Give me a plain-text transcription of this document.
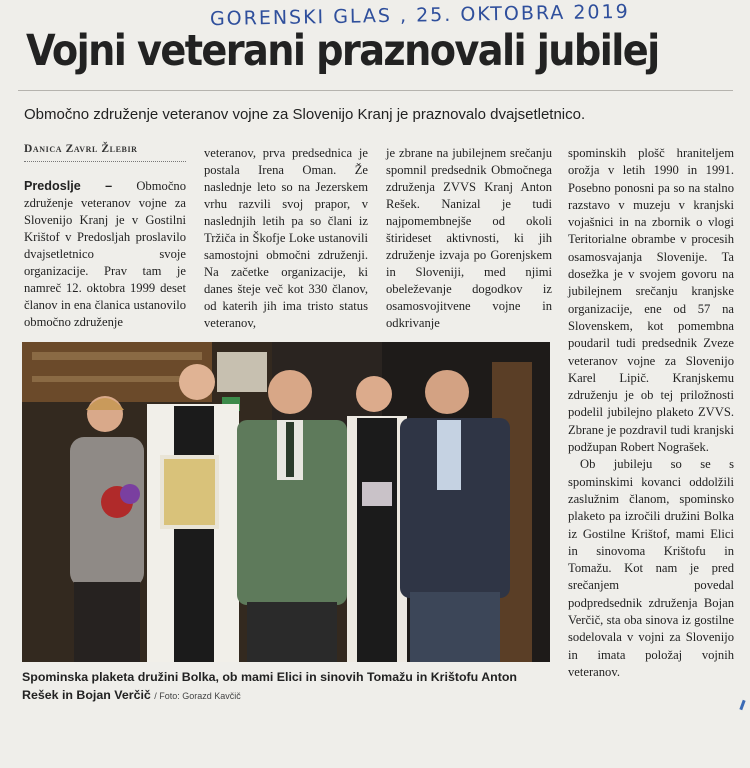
GORENSKI GLAS , 25. OKTOBRA 2019
Vojni veterani praznovali jubilej
Območno združenje veteranov vojne za Slovenijo Kranj je praznovalo dvajsetletnico.
Danica Zavrl Žlebir

Predoslje – Območno združenje veteranov vojne za Slovenijo Kranj je v Gostilni Krištof v Predosljah proslavilo dvajsetletnico svoje organizacije. Prav tam je namreč 12. oktobra 1999 deset članov in ena članica ustanovilo območno združenje

veteranov, prva predsednica je postala Irena Oman. Že naslednje leto so na Jezerskem vrhu razvili svoj prapor, v naslednjih letih pa so člani iz Tržiča in Škofje Loke ustanovili samostojni območni združenji. Na začetke organizacije, ki danes šteje več kot 330 članov, od katerih jih ima tristo status veteranov,

je zbrane na jubilejnem srečanju spomnil predsednik Območnega združenja ZVVS Kranj Anton Rešek. Nanizal je tudi najpomembnejše od okoli štirideset aktivnosti, ki jih združenje izvaja po Gorenjskem in Sloveniji, med njimi obeleževanje dogodkov iz osamosvojitvene vojne in odkrivanje

spominskih plošč hraniteljem orožja v letih 1990 in 1991. Posebno ponosni pa so na stalno razstavo v muzeju v kranjski vojašnici in na zbornik o vlogi Teritorialne obrambe v procesih osamosvajanja Slovenije. Ta dosežka je v svojem govoru na jubilejnem srečanju kranjske organizacije, ene od 57 na Slovenskem, kot pomembna poudaril tudi predsednik Zveze veteranov vojne za Slovenijo Karel Lipič. Kranjskemu združenju je ob tej priložnosti podelil jubilejno plaketo ZVVS. Zbrane je pozdravil tudi kranjski podžupan Robert Nograšek.

Ob jubileju so se s spominskimi kovanci oddolžili zaslužnim članom, spominsko plaketo pa izročili družini Bolka iz Gostilne Krištof, mami Elici in sinovoma Krištofu in Tomažu. Kot nam je pred srečanjem povedal podpredsednik združenja Bojan Verčič, sta oba sinova iz gostilne sodelovala v vojni za Slovenijo in imata položaj vojnih veteranov.

Spominska plaketa družini Bolka, ob mami Elici in sinovih Tomažu in Krištofu Anton Rešek in Bojan Verčič / Foto: Gorazd Kavčič
